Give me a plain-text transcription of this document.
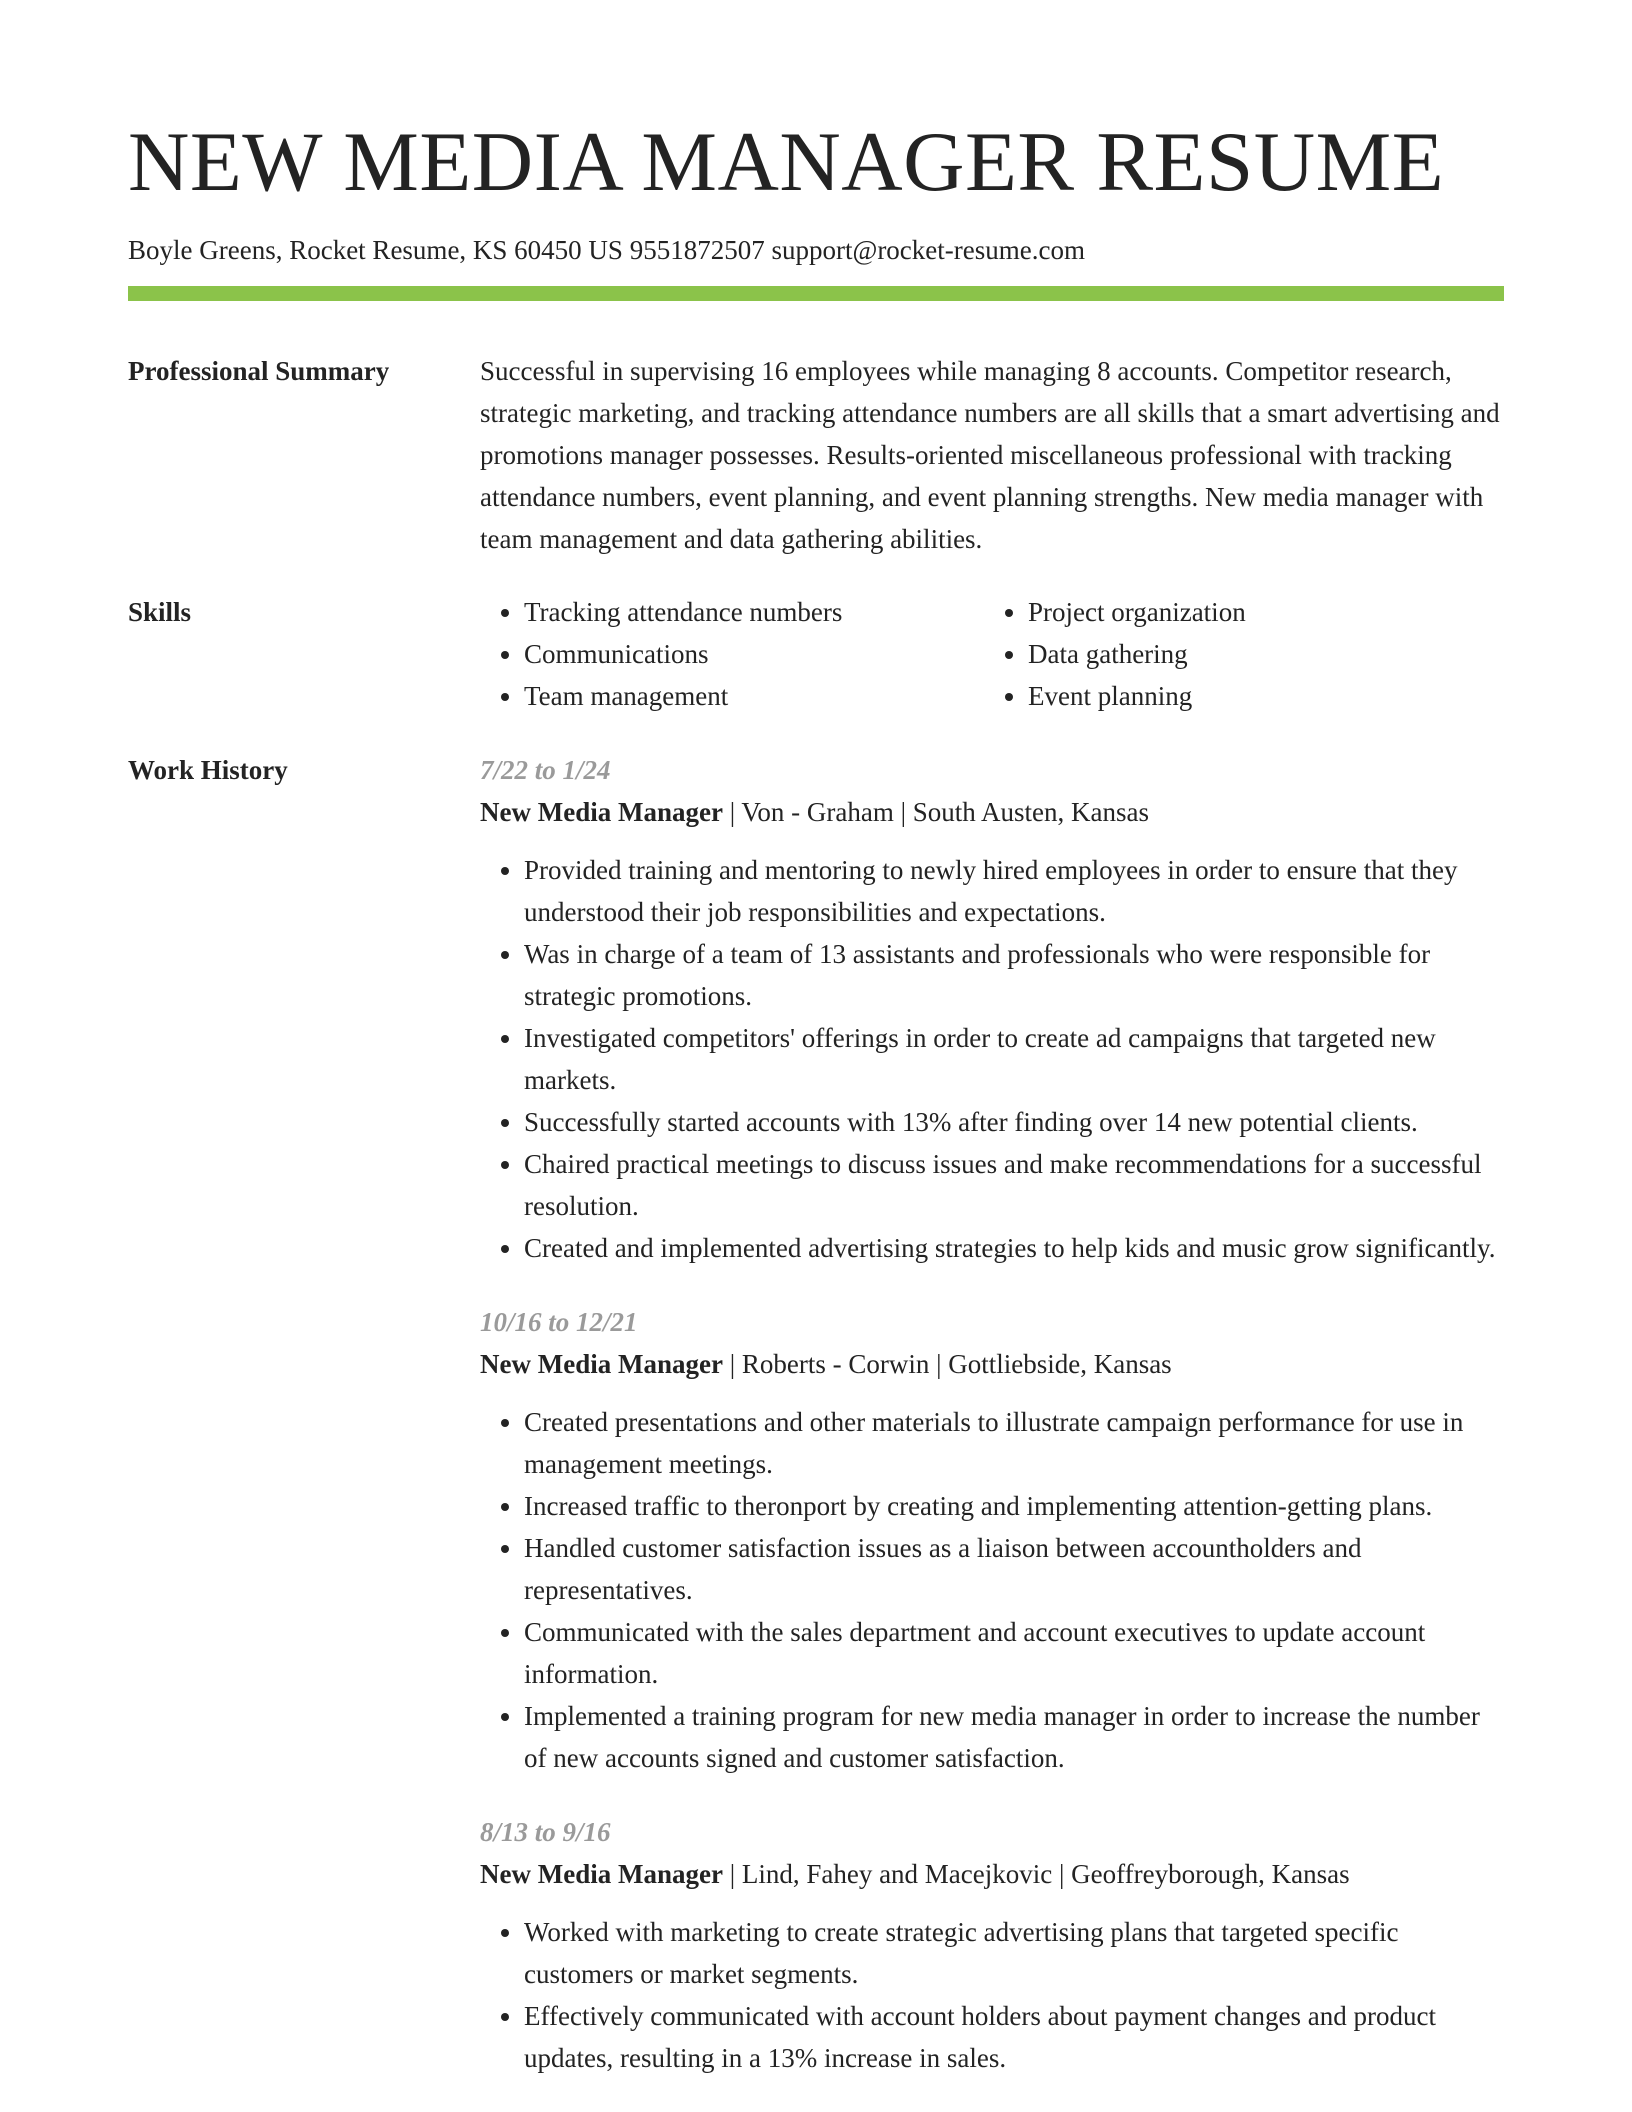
NEW MEDIA MANAGER RESUME
Boyle Greens, Rocket Resume, KS 60450 US 9551872507 support@rocket-resume.com
Professional Summary	Successful in supervising 16 employees while managing 8 accounts. Competitor research, strategic marketing, and tracking attendance numbers are all skills that a smart advertising and promotions manager possesses. Results-oriented miscellaneous professional with tracking attendance numbers, event planning, and event planning strengths. New media manager with team management and data gathering abilities.

Skills
•	Tracking attendance numbers
• Communications
• Team management
• Project organization
• Data gathering
• Event planning
Work History	7/22 to 1/24
New Media Manager | Von - Graham | South Austen, Kansas
• Provided training and mentoring to newly hired employees in order to ensure that they understood their job responsibilities and expectations.
• Was in charge of a team of 13 assistants and professionals who were responsible for strategic promotions.
• Investigated competitors' offerings in order to create ad campaigns that targeted new markets.
• Successfully started accounts with 13% after finding over 14 new potential clients.
• Chaired practical meetings to discuss issues and make recommendations for a successful resolution.
• Created and implemented advertising strategies to help kids and music grow significantly.
10/16 to 12/21
New Media Manager | Roberts - Corwin | Gottliebside, Kansas
• Created presentations and other materials to illustrate campaign performance for use in management meetings.
• Increased traffic to theronport by creating and implementing attention-getting plans.
• Handled customer satisfaction issues as a liaison between accountholders and representatives.
• Communicated with the sales department and account executives to update account information.
• Implemented a training program for new media manager in order to increase the number of new accounts signed and customer satisfaction.
8/13 to 9/16
New Media Manager | Lind, Fahey and Macejkovic | Geoffreyborough, Kansas
• Worked with marketing to create strategic advertising plans that targeted specific customers or market segments.
• Effectively communicated with account holders about payment changes and product updates, resulting in a 13% increase in sales.
